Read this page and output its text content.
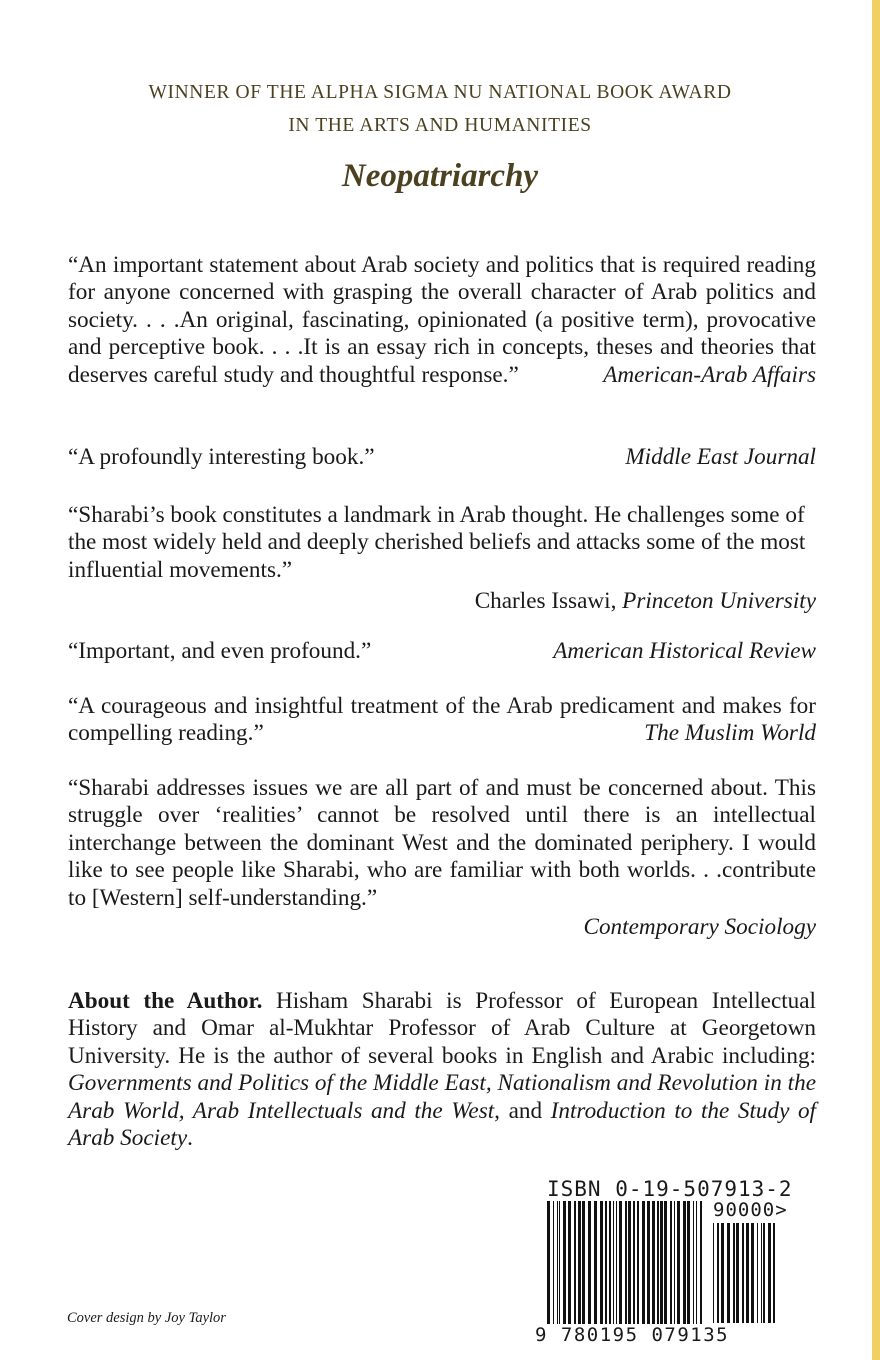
WINNER OF THE ALPHA SIGMA NU NATIONAL BOOK AWARD
IN THE ARTS AND HUMANITIES
Neopatriarchy
“An important statement about Arab society and politics that is required reading for anyone concerned with grasping the overall character of Arab politics and society. . . .An original, fascinating, opinionated (a positive term), provocative and perceptive book. . . .It is an essay rich in concepts, theses and theories that deserves careful study and thoughtful response.”	American-Arab Affairs
“A profoundly interesting book.”	Middle East Journal
“Sharabi’s book constitutes a landmark in Arab thought. He challenges some of the most widely held and deeply cherished beliefs and attacks some of the most influential movements.”
Charles Issawi, Princeton University
“Important, and even profound.”	American Historical Review
“A courageous and insightful treatment of the Arab predicament and makes for compelling reading.”	The Muslim World
“Sharabi addresses issues we are all part of and must be concerned about. This struggle over ‘realities’ cannot be resolved until there is an intellectual interchange between the dominant West and the dominated periphery. I would like to see people like Sharabi, who are familiar with both worlds. . .contribute to [Western] self-understanding.”
Contemporary Sociology
About the Author. Hisham Sharabi is Professor of European Intellectual History and Omar al-Mukhtar Professor of Arab Culture at Georgetown University. He is the author of several books in English and Arabic including: Governments and Politics of the Middle East, Nationalism and Revolution in the Arab World, Arab Intellectuals and the West, and Introduction to the Study of Arab Society.
ISBN 0-19-507913-2
90000>
9 780195 079135
Cover design by Joy Taylor
